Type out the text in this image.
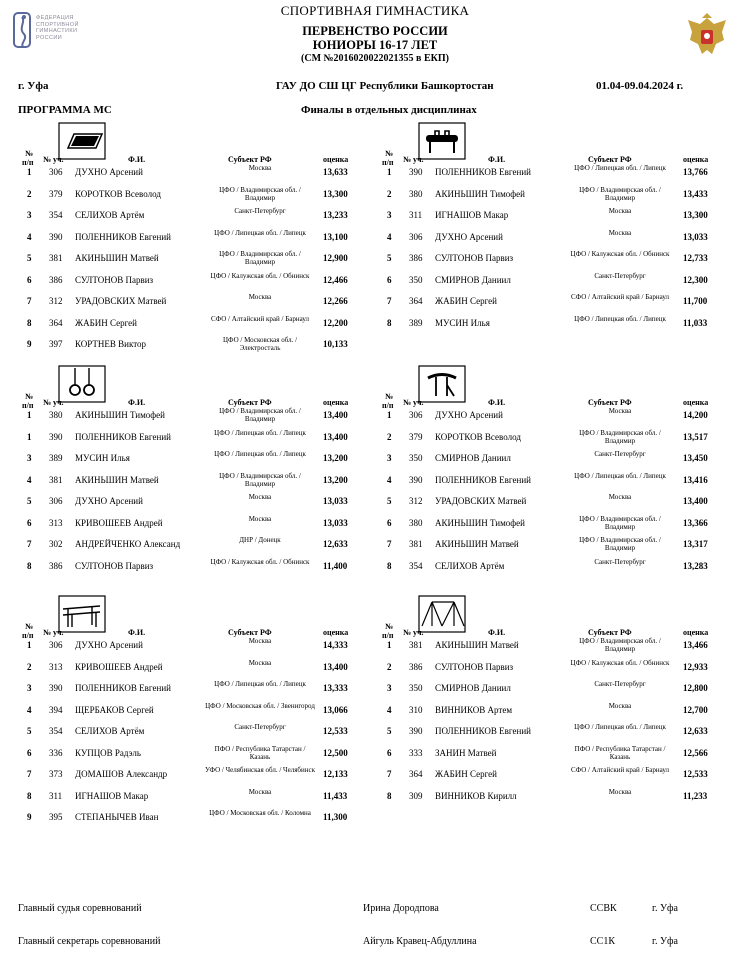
ФЕДЕРАЦИЯ
СПОРТИВНОЙ
ГИМНАСТИКИ
РОССИИ
СПОРТИВНАЯ ГИМНАСТИКА
ПЕРВЕНСТВО РОССИИ
ЮНИОРЫ 16-17 ЛЕТ
(СМ №2016020022021355 в ЕКП)
г. Уфа	ГАУ ДО СШ ЦГ Республики Башкортостан	01.04-09.04.2024 г.
ПРОГРАММА МС	Финалы в отдельных дисциплинах
№
п/п № уч.	Ф.И.	Субъект РФ	оценка
1 306 ДУХНО Арсений	Москва	13,633
2 379 КОРОТКОВ Всеволод	ЦФО / Владимирская обл. / Владимир	13,300
3 354 СЕЛИХОВ Артём	Санкт-Петербург	13,233
4 390 ПОЛЕННИКОВ Евгений	ЦФО / Липецкая обл. / Липецк	13,100
5 381 АКИНЬШИН Матвей	ЦФО / Владимирская обл. / Владимир	12,900
6 386 СУЛТОНОВ Парвиз	ЦФО / Калужская обл. / Обнинск	12,466
7 312 УРАДОВСКИХ Матвей	Москва	12,266
8 364 ЖАБИН Сергей	СФО / Алтайский край / Барнаул	12,200
9 397 КОРТНЕВ Виктор	ЦФО / Московская обл. / Электросталь	10,133
№
п/п № уч.	Ф.И.	Субъект РФ	оценка
1 390 ПОЛЕННИКОВ Евгений	ЦФО / Липецкая обл. / Липецк	13,766
2 380 АКИНЬШИН Тимофей	ЦФО / Владимирская обл. / Владимир	13,433
3 311 ИГНАШОВ Макар	Москва	13,300
4 306 ДУХНО Арсений	Москва	13,033
5 386 СУЛТОНОВ Парвиз	ЦФО / Калужская обл. / Обнинск	12,733
6 350 СМИРНОВ Даниил	Санкт-Петербург	12,300
7 364 ЖАБИН Сергей	СФО / Алтайский край / Барнаул	11,700
8 389 МУСИН Илья	ЦФО / Липецкая обл. / Липецк	11,033
№
п/п № уч.	Ф.И.	Субъект РФ	оценка
1 380 АКИНЬШИН Тимофей	ЦФО / Владимирская обл. / Владимир	13,400
1 390 ПОЛЕННИКОВ Евгений	ЦФО / Липецкая обл. / Липецк	13,400
3 389 МУСИН Илья	ЦФО / Липецкая обл. / Липецк	13,200
4 381 АКИНЬШИН Матвей	ЦФО / Владимирская обл. / Владимир	13,200
5 306 ДУХНО Арсений	Москва	13,033
6 313 КРИВОШЕЕВ Андрей	Москва	13,033
7 302 АНДРЕЙЧЕНКО Александ	ДНР / Донецк	12,633
8 386 СУЛТОНОВ Парвиз	ЦФО / Калужская обл. / Обнинск	11,400
№
п/п № уч.	Ф.И.	Субъект РФ	оценка
1 306 ДУХНО Арсений	Москва	14,200
2 379 КОРОТКОВ Всеволод	ЦФО / Владимирская обл. / Владимир	13,517
3 350 СМИРНОВ Даниил	Санкт-Петербург	13,450
4 390 ПОЛЕННИКОВ Евгений	ЦФО / Липецкая обл. / Липецк	13,416
5 312 УРАДОВСКИХ Матвей	Москва	13,400
6 380 АКИНЬШИН Тимофей	ЦФО / Владимирская обл. / Владимир	13,366
7 381 АКИНЬШИН Матвей	ЦФО / Владимирская обл. / Владимир	13,317
8 354 СЕЛИХОВ Артём	Санкт-Петербург	13,283
№
п/п № уч.	Ф.И.	Субъект РФ	оценка
1 306 ДУХНО Арсений	Москва	14,333
2 313 КРИВОШЕЕВ Андрей	Москва	13,400
3 390 ПОЛЕННИКОВ Евгений	ЦФО / Липецкая обл. / Липецк	13,333
4 394 ЩЕРБАКОВ Сергей	ЦФО / Московская обл. / Звенигород 13,066
5 354 СЕЛИХОВ Артём	Санкт-Петербург	12,533
6 336 КУПЦОВ Радэль	ПФО / Республика Татарстан / Казань	12,500
7 373 ДОМАШОВ Александр	УФО / Челябинская обл. / Челябинск 12,133
8 311 ИГНАШОВ Макар	Москва	11,433
9 395 СТЕПАНЫЧЕВ Иван	ЦФО / Московская обл. / Коломна	11,300
№
п/п № уч.	Ф.И.	Субъект РФ	оценка
1 381 АКИНЬШИН Матвей	ЦФО / Владимирская обл. / Владимир	13,466
2 386 СУЛТОНОВ Парвиз	ЦФО / Калужская обл. / Обнинск	12,933
3 350 СМИРНОВ Даниил	Санкт-Петербург	12,800
4 310 ВИННИКОВ Артем	Москва	12,700
5 390 ПОЛЕННИКОВ Евгений	ЦФО / Липецкая обл. / Липецк	12,633
6 333 ЗАНИН Матвей	ПФО / Республика Татарстан / Казань	12,566
7 364 ЖАБИН Сергей	СФО / Алтайский край / Барнаул	12,533
8 309 ВИННИКОВ Кирилл	Москва	11,233
Главный судья соревнований	Ирина Дородпова	ССВК	г. Уфа
Главный секретарь соревнований	Айгуль Кравец-Абдуллина	СС1К	г. Уфа
